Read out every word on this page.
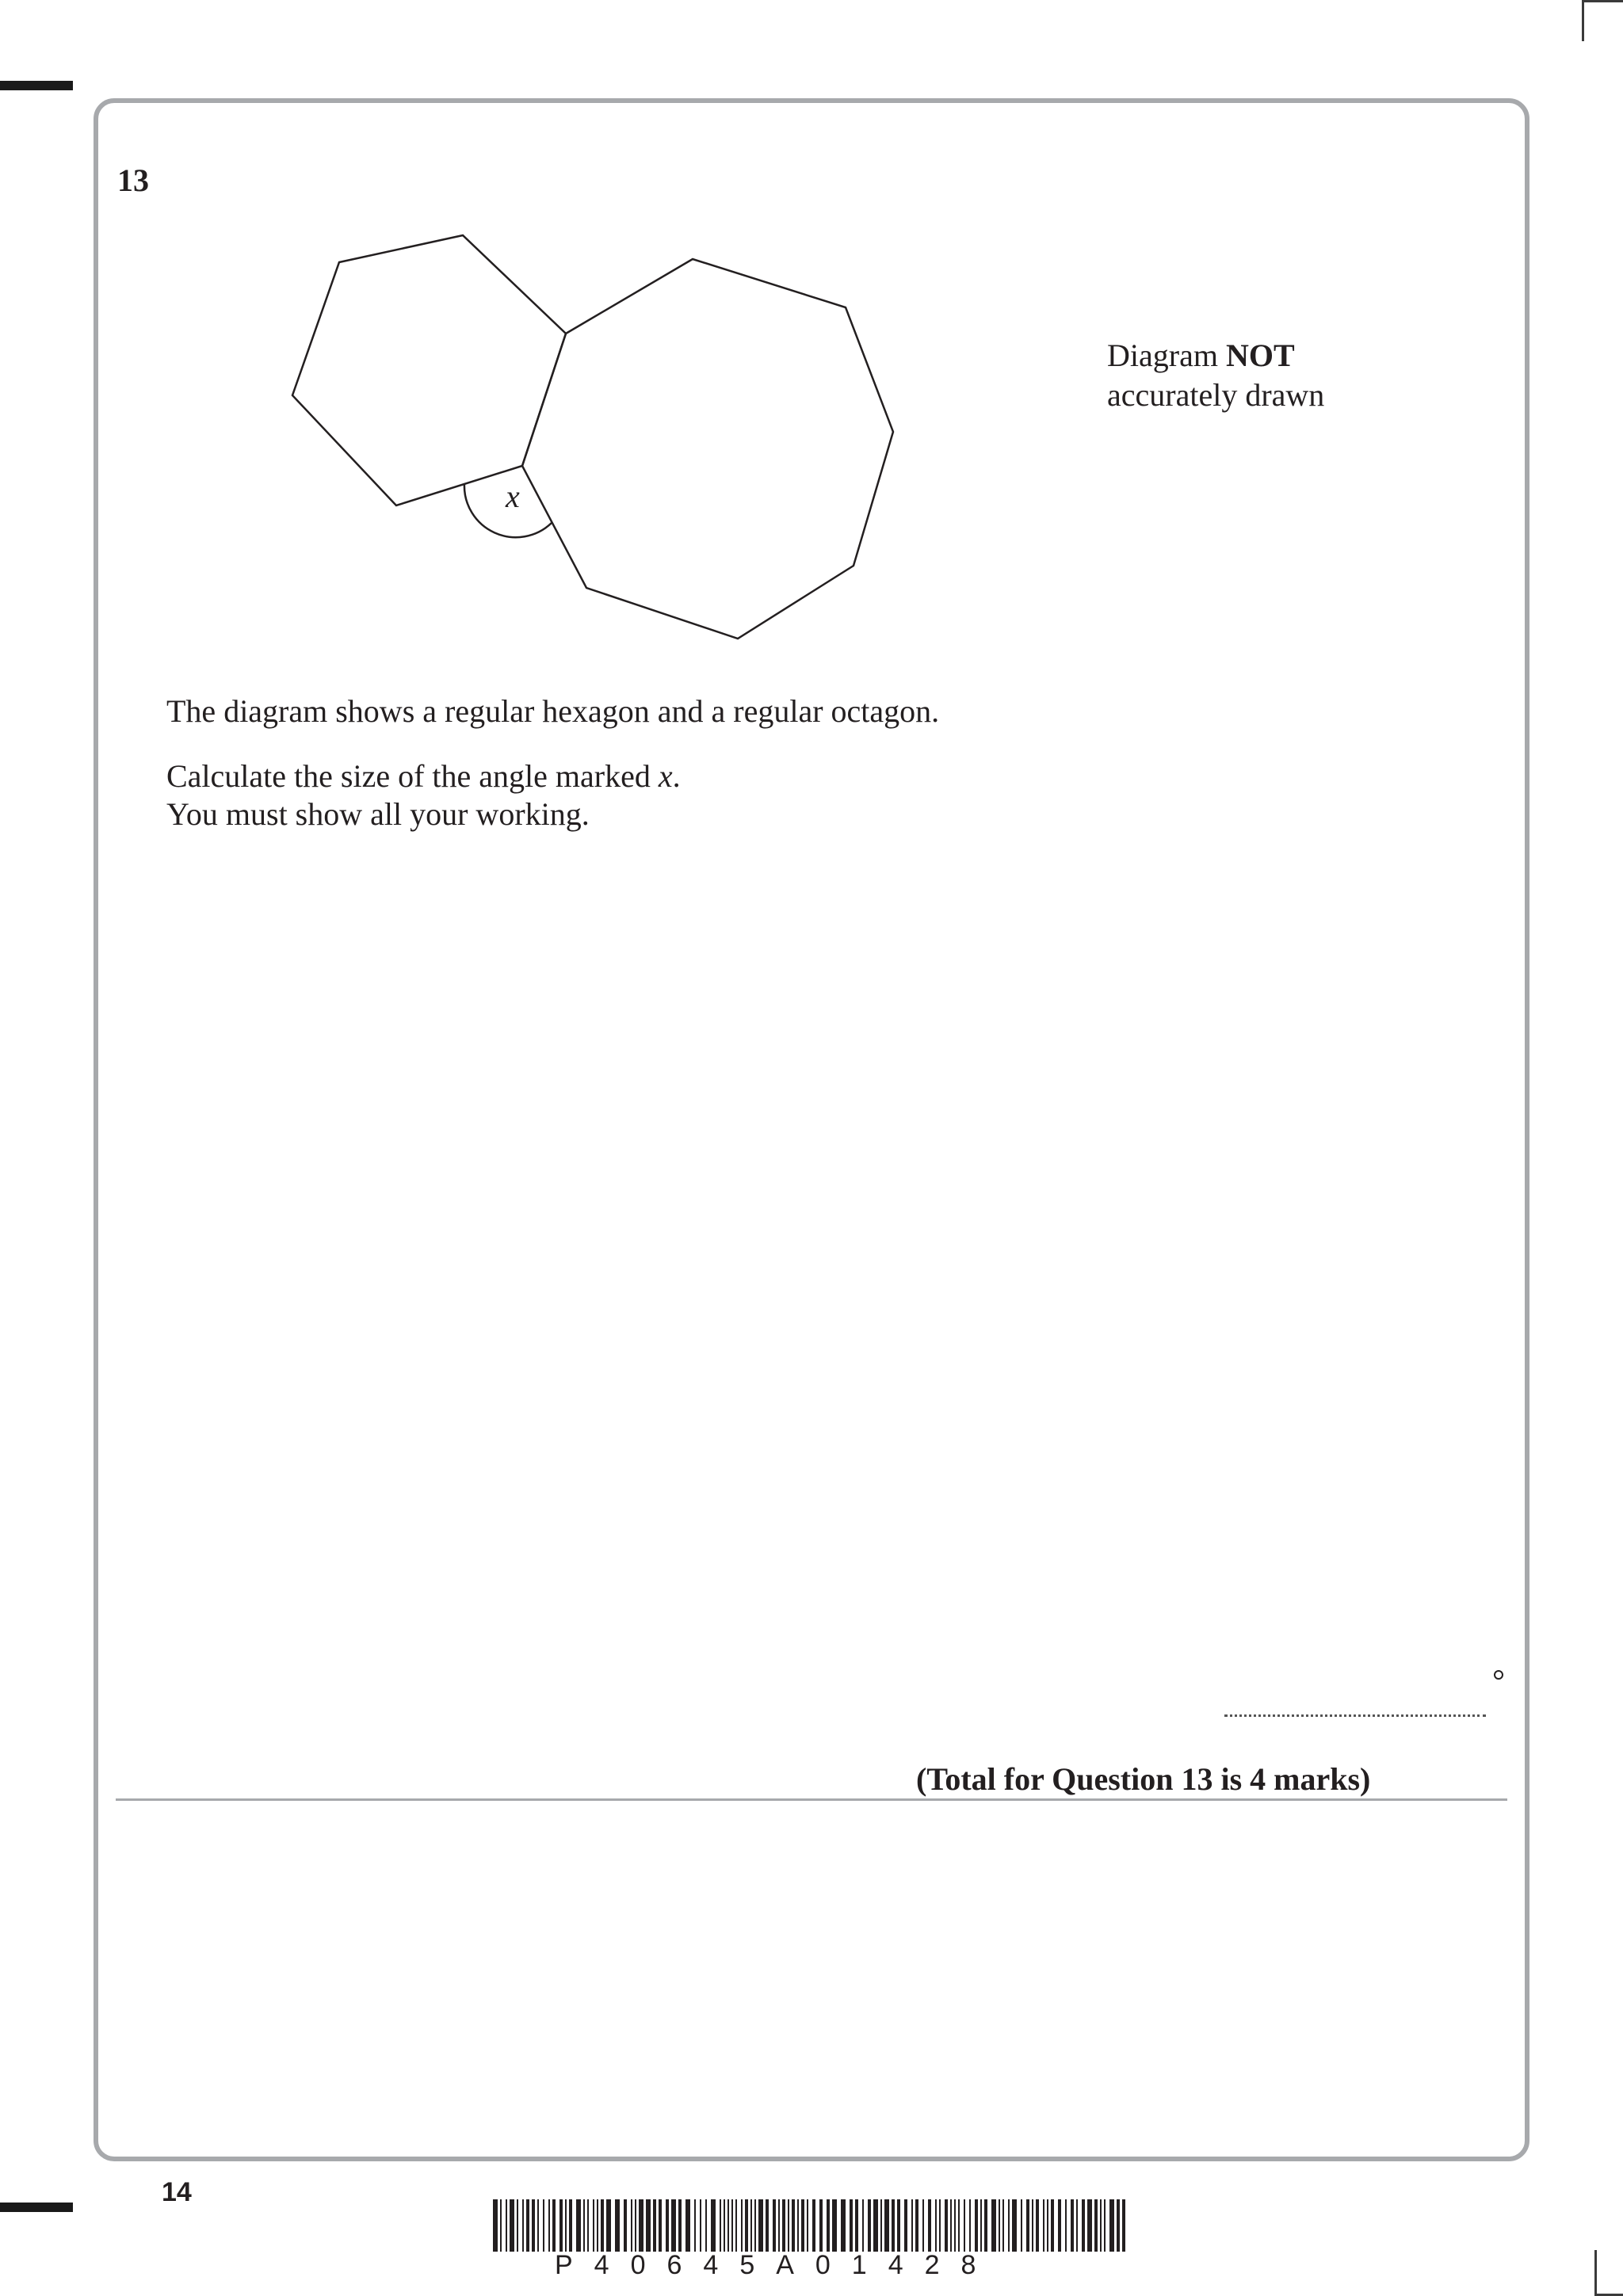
13
x
Diagram NOT
accurately drawn
The diagram shows a regular hexagon and a regular octagon.
Calculate the size of the angle marked x.
You must show all your working.
(Total for Question 13 is 4 marks)
14
P40645A01428
